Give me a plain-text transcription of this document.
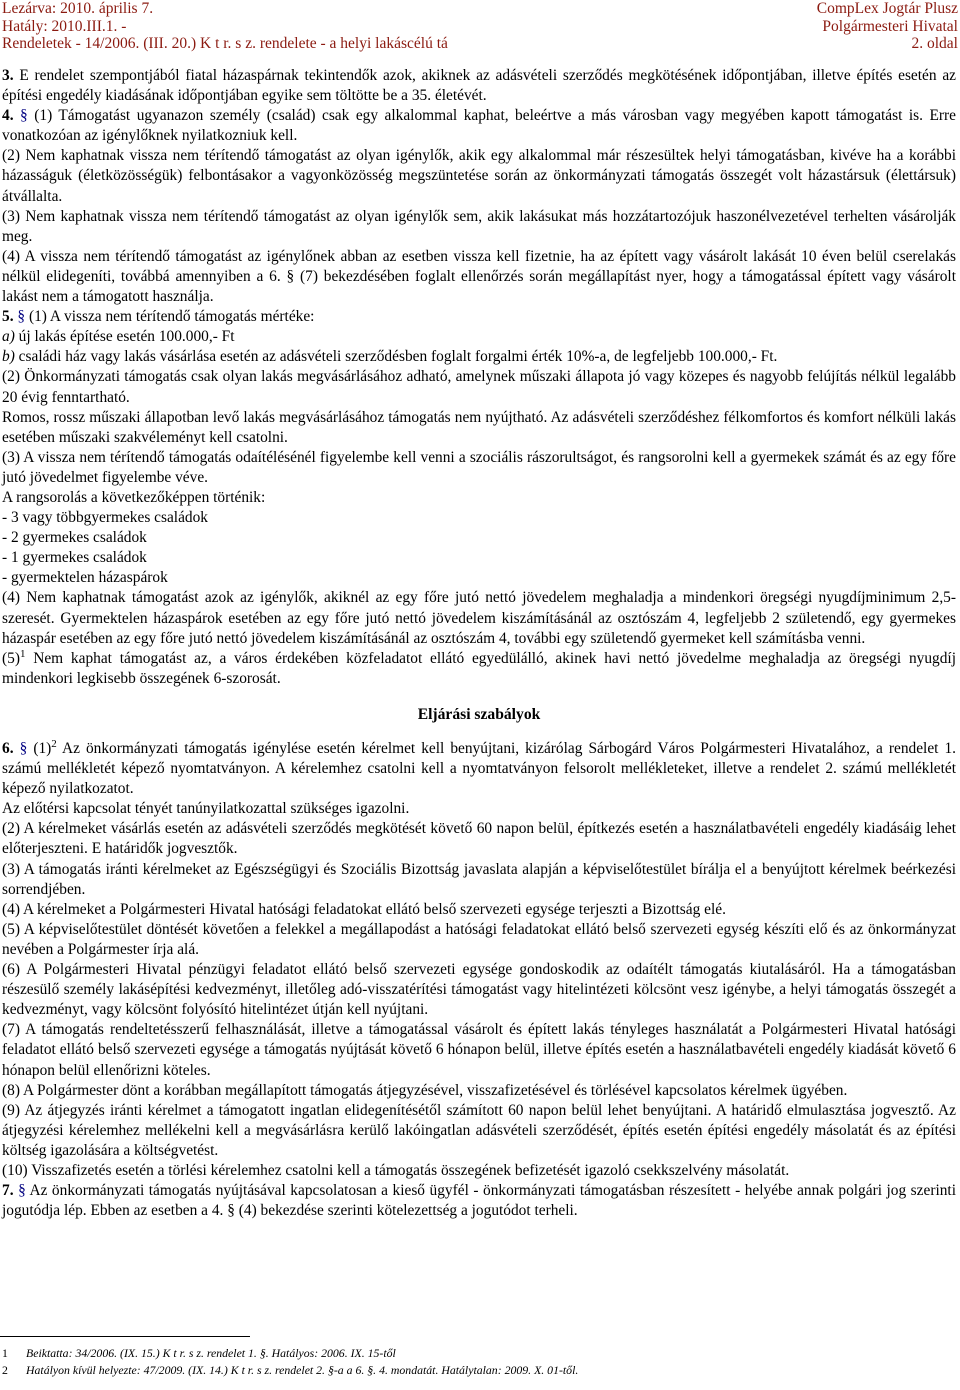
Lezárva: 2010. április 7.
Hatály: 2010.III.1. -
Rendeletek - 14/2006. (III. 20.) K t r. s z. rendelete - a helyi lakáscélú tá
CompLex Jogtár Plusz
Polgármesteri Hivatal
2. oldal

3. E rendelet szempontjából fiatal házaspárnak tekintendők azok, akiknek az adásvételi szerződés megkötésének időpontjában, illetve építés esetén az építési engedély kiadásának időpontjában egyike sem töltötte be a 35. életévét.

4. § (1) Támogatást ugyanazon személy (család) csak egy alkalommal kaphat, beleértve a más városban vagy megyében kapott támogatást is. Erre vonatkozóan az igénylőknek nyilatkozniuk kell.

(2) Nem kaphatnak vissza nem térítendő támogatást az olyan igénylők, akik egy alkalommal már részesültek helyi támogatásban, kivéve ha a korábbi házasságuk (életközösségük) felbontásakor a vagyonközösség megszüntetése során az önkormányzati támogatás összegét volt házastársuk (élettársuk) átvállalta.

(3) Nem kaphatnak vissza nem térítendő támogatást az olyan igénylők sem, akik lakásukat más hozzátartozójuk haszonélvezetével terhelten vásárolják meg.

(4) A vissza nem térítendő támogatást az igénylőnek abban az esetben vissza kell fizetnie, ha az épített vagy vásárolt lakását 10 éven belül cserelakás nélkül elidegeníti, továbbá amennyiben a 6. § (7) bekezdésében foglalt ellenőrzés során megállapítást nyer, hogy a támogatással épített vagy vásárolt lakást nem a támogatott használja.

5. § (1) A vissza nem térítendő támogatás mértéke:

a) új lakás építése esetén 100.000,- Ft

b) családi ház vagy lakás vásárlása esetén az adásvételi szerződésben foglalt forgalmi érték 10%-a, de legfeljebb 100.000,- Ft.

(2) Önkormányzati támogatás csak olyan lakás megvásárlásához adható, amelynek műszaki állapota jó vagy közepes és nagyobb felújítás nélkül legalább 20 évig fenntartható.

Romos, rossz műszaki állapotban levő lakás megvásárlásához támogatás nem nyújtható. Az adásvételi szerződéshez félkomfortos és komfort nélküli lakás esetében műszaki szakvéleményt kell csatolni.

(3) A vissza nem térítendő támogatás odaítélésénél figyelembe kell venni a szociális rászorultságot, és rangsorolni kell a gyermekek számát és az egy főre jutó jövedelmet figyelembe véve.

A rangsorolás a következőképpen történik:

- 3 vagy többgyermekes családok

- 2 gyermekes családok

- 1 gyermekes családok

- gyermektelen házaspárok

(4) Nem kaphatnak támogatást azok az igénylők, akiknél az egy főre jutó nettó jövedelem meghaladja a mindenkori öregségi nyugdíjminimum 2,5-szeresét. Gyermektelen házaspárok esetében az egy főre jutó nettó jövedelem kiszámításánál az osztószám 4, legfeljebb 2 születendő, egy gyermekes házaspár esetében az egy főre jutó nettó jövedelem kiszámításánál az osztószám 4, további egy születendő gyermeket kell számításba venni.

$(5)^1$ Nem kaphat támogatást az, a város érdekében közfeladatot ellátó egyedülálló, akinek havi nettó jövedelme meghaladja az öregségi nyugdíj mindenkori legkisebb összegének 6-szorosát.

Eljárási szabályok

6. § $(1)^2$ Az önkormányzati támogatás igénylése esetén kérelmet kell benyújtani, kizárólag Sárbogárd Város Polgármesteri Hivatalához, a rendelet 1. számú mellékletét képező nyomtatványon. A kérelemhez csatolni kell a nyomtatványon felsorolt mellékleteket, illetve a rendelet 2. számú mellékletét képező nyilatkozatot.

Az előtérsi kapcsolat tényét tanúnyilatkozattal szükséges igazolni.

(2) A kérelmeket vásárlás esetén az adásvételi szerződés megkötését követő 60 napon belül, építkezés esetén a használatbavételi engedély kiadásáig lehet előterjeszteni. E határidők jogvesztők.

(3) A támogatás iránti kérelmeket az Egészségügyi és Szociális Bizottság javaslata alapján a képviselőtestület bírálja el a benyújtott kérelmek beérkezési sorrendjében.

(4) A kérelmeket a Polgármesteri Hivatal hatósági feladatokat ellátó belső szervezeti egysége terjeszti a Bizottság elé.

(5) A képviselőtestület döntését követően a felekkel a megállapodást a hatósági feladatokat ellátó belső szervezeti egység készíti elő és az önkormányzat nevében a Polgármester írja alá.

(6) A Polgármesteri Hivatal pénzügyi feladatot ellátó belső szervezeti egysége gondoskodik az odaítélt támogatás kiutalásáról. Ha a támogatásban részesülő személy lakásépítési kedvezményt, illetőleg adó-visszatérítési támogatást vagy hitelintézeti kölcsönt vesz igénybe, a helyi támogatás összegét a kedvezményt, vagy kölcsönt folyósító hitelintézet útján kell nyújtani.

(7) A támogatás rendeltetésszerű felhasználását, illetve a támogatással vásárolt és épített lakás tényleges használatát a Polgármesteri Hivatal hatósági feladatot ellátó belső szervezeti egysége a támogatás nyújtását követő 6 hónapon belül, illetve építés esetén a használatbavételi engedély kiadását követő 6 hónapon belül ellenőrizni köteles.

(8) A Polgármester dönt a korábban megállapított támogatás átjegyzésével, visszafizetésével és törlésével kapcsolatos kérelmek ügyében.

(9) Az átjegyzés iránti kérelmet a támogatott ingatlan elidegenítésétől számított 60 napon belül lehet benyújtani. A határidő elmulasztása jogvesztő. Az átjegyzési kérelemhez mellékelni kell a megvásárlásra kerülő lakóingatlan adásvételi szerződését, építés esetén építési engedély másolatát és az építési költség igazolására a költségvetést.

(10) Visszafizetés esetén a törlési kérelemhez csatolni kell a támogatás összegének befizetését igazoló csekkszelvény másolatát.

7. § Az önkormányzati támogatás nyújtásával kapcsolatosan a kieső ügyfél - önkormányzati támogatásban részesített - helyébe annak polgári jog szerinti jogutódja lép. Ebben az esetben a 4. § (4) bekezdése szerinti kötelezettség a jogutódot terheli.

1 Beiktatta: 34/2006. (IX. 15.) K t r. s z. rendelet 1. §. Hatályos: 2006. IX. 15-től
2 Hatályon kívül helyezte: 47/2009. (IX. 14.) K t r. s z. rendelet 2. §-a a 6. §. 4. mondatát. Hatálytalan: 2009. X. 01-től.
